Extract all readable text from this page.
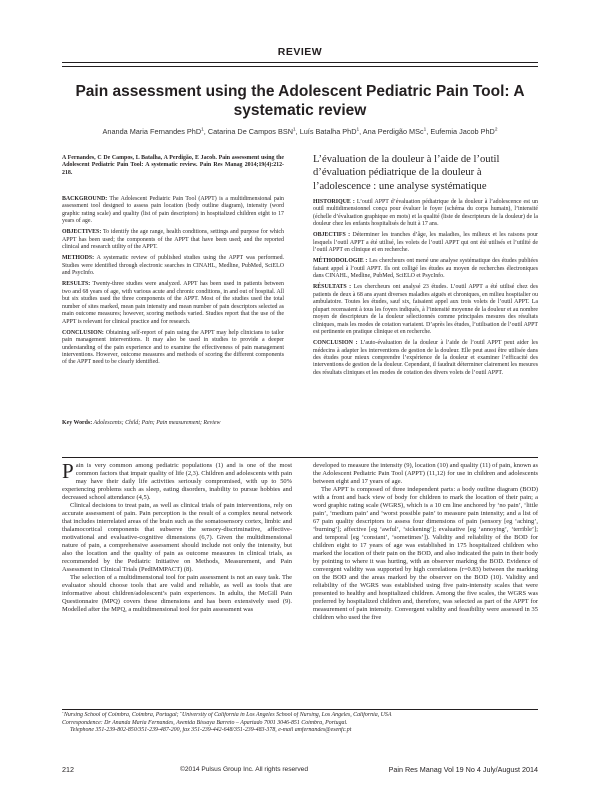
REVIEW
Pain assessment using the Adolescent Pediatric Pain Tool: A systematic review
Ananda Maria Fernandes PhD$^1$, Catarina De Campos BSN$^1$, Luís Batalha PhD$^1$, Ana Perdigão MSc$^1$, Eufemia Jacob PhD$^2$
A Fernandes, C De Campos, L Batalha, A Perdigão, E Jacob. Pain assessment using the Adolescent Pediatric Pain Tool: A systematic review. Pain Res Manag 2014;19(4):212-218.
L’évaluation de la douleur à l’aide de l’outil d’évaluation pédiatrique de la douleur à l’adolescence : une analyse systématique

BACKGROUND: The Adolescent Pediatric Pain Tool (APPT) is a multidimensional pain assessment tool designed to assess pain location (body outline diagram), intensity (word graphic rating scale) and quality (list of pain descriptors) in hospitalized children eight to 17 years of age.

OBJECTIVES: To identify the age range, health conditions, settings and purpose for which APPT has been used; the components of the APPT that have been used; and the reported clinical and research utility of the APPT.

METHODS: A systematic review of published studies using the APPT was performed. Studies were identified through electronic searches in CINAHL, Medline, PubMed, SciELO and PsycInfo.

RESULTS: Twenty-three studies were analyzed. APPT has been used in patients between two and 68 years of age, with various acute and chronic conditions, in and out of hospital. All but six studies used the three components of the APPT. Most of the studies used the total number of sites marked, mean pain intensity and mean number of pain descriptors selected as main outcome measures; however, scoring methods varied. Studies report that the use of the APPT is relevant for clinical practice and for research.

CONCLUSION: Obtaining self-report of pain using the APPT may help clinicians to tailor pain management interventions. It may also be used in studies to provide a deeper understanding of the pain experience and to examine the effectiveness of pain management interventions. However, outcome measures and methods of scoring the different components of the APPT need to be clearly identified.

HISTORIQUE : L’outil APPT d’évaluation pédiatrique de la douleur à l’adolescence est un outil multidimensionnel conçu pour évaluer le foyer (schéma du corps humain), l’intensité (échelle d’évaluation graphique en mots) et la qualité (liste de descripteurs de la douleur) de la douleur chez les enfants hospitalisés de huit à 17 ans.

OBJECTIFS : Déterminer les tranches d’âge, les maladies, les milieux et les raisons pour lesquels l’outil APPT a été utilisé, les volets de l’outil APPT qui ont été utilisés et l’utilité de l’outil APPT en clinique et en recherche.

MÉTHODOLOGIE : Les chercheurs ont mené une analyse systématique des études publiées faisant appel à l’outil APPT. Ils ont colligé les études au moyen de recherches électroniques dans CINAHL, Medline, PubMed, SciELO et PsycInfo.

RÉSULTATS : Les chercheurs ont analysé 23 études. L’outil APPT a été utilisé chez des patients de deux à 68 ans ayant diverses maladies aiguës et chroniques, en milieu hospitalier ou ambulatoire. Toutes les études, sauf six, faisaient appel aux trois volets de l’outil APPT. La plupart recensaient à tous les foyers indiqués, à l’intensité moyenne de la douleur et au nombre moyen de descripteurs de la douleur sélectionnés comme principales mesures des résultats cliniques, mais les modes de cotation variaient. D’après les études, l’utilisation de l’outil APPT est pertinente en pratique clinique et en recherche.

CONCLUSION : L’auto-évaluation de la douleur à l’aide de l’outil APPT peut aider les médecins à adapter les interventions de gestion de la douleur. Elle peut aussi être utilisée dans des études pour mieux comprendre l’expérience de la douleur et examiner l’efficacité des interventions de gestion de la douleur. Cependant, il faudrait déterminer clairement les mesures des résultats cliniques et les modes de cotation des divers volets de l’outil APPT.

Key Words: Adolescents; Child; Pain; Pain measurement; Review

Pain is very common among pediatric populations (1) and is one of the most common factors that impair quality of life (2,3). Children and adolescents with pain may have their daily life activities seriously compromised, with up to 50% experiencing problems such as sleep, eating disorders, inability to pursue hobbies and decreased school attendance (4,5).

Clinical decisions to treat pain, as well as clinical trials of pain interventions, rely on accurate assessment of pain. Pain perception is the result of a complex neural network that includes interrelated areas of the brain such as the somatosensory cortex, limbic and thalamocortical components that subserve the sensory-discriminative, affective-motivational and evaluative-cognitive dimensions (6,7). Given the multidimensional nature of pain, a comprehensive assessment should include not only the intensity, but also the location and the quality of pain as outcome measures in clinical trials, as recommended by the Pediatric Initiative on Methods, Measurement, and Pain Assessment in Clinical Trials (PedIMMPACT) (8).

The selection of a multidimensional tool for pain assessment is not an easy task. The evaluator should choose tools that are valid and reliable, as well as tools that are informative about children/adolescent’s pain experiences. In adults, the McGill Pain Questionnaire (MPQ) covers these dimensions and has been extensively used (9). Modelled after the MPQ, a multidimensional tool for pain assessment was

developed to measure the intensity (9), location (10) and quality (11) of pain, known as the Adolescent Pediatric Pain Tool (APPT) (11,12) for use in children and adolescents between eight and 17 years of age.

The APPT is composed of three independent parts: a body outline diagram (BOD) with a front and back view of body for children to mark the location of their pain; a word graphic rating scale (WGRS), which is a 10 cm line anchored by ‘no pain’, ‘little pain’, ‘medium pain’ and ‘worst possible pain’ to measure pain intensity; and a list of 67 pain quality descriptors to assess four dimensions of pain (sensory [eg ‘aching’, ‘burning’]; affective [eg ‘awful’, ‘sickening’]; evaluative [eg ‘annoying’, ‘terrible’]; and temporal [eg ‘constant’, ‘sometimes’]). Validity and reliability of the BOD for children eight to 17 years of age was established in 175 hospitalized children who marked the location of their pain on the BOD, and also indicated the pain in their body by pointing to where it was hurting, with an observer marking the BOD. Evidence of convergent validity was supported by high correlations (r=0.83) between the marking on the BOD and the areas marked by the observer on the BOD (10). Validity and reliability of the WGRS was established using five pain-intensity scales that were presented to healthy and hospitalized children. Among the five scales, the WGRS was preferred by hospitalized children and, therefore, was selected as part of the APPT for measurement of pain intensity. Convergent validity and feasibility were assessed in 35 children who used the five

$^1$Nursing School of Coimbra, Coimbra, Portugal; $^2$University of California in Los Angeles School of Nursing, Los Angeles, California, USA
Correspondence: Dr Ananda Maria Fernandes, Avenida Bissaya Barreto – Apartado 7001 3046-851 Coimbra, Portugal.
Telephone 351-239-802-850/351-239-487-200, fax 351-239-442-648/351-239-483-378, e-mail amfernandes@esenfc.pt
212	©2014 Pulsus Group Inc. All rights reserved	Pain Res Manag Vol 19 No 4 July/August 2014
